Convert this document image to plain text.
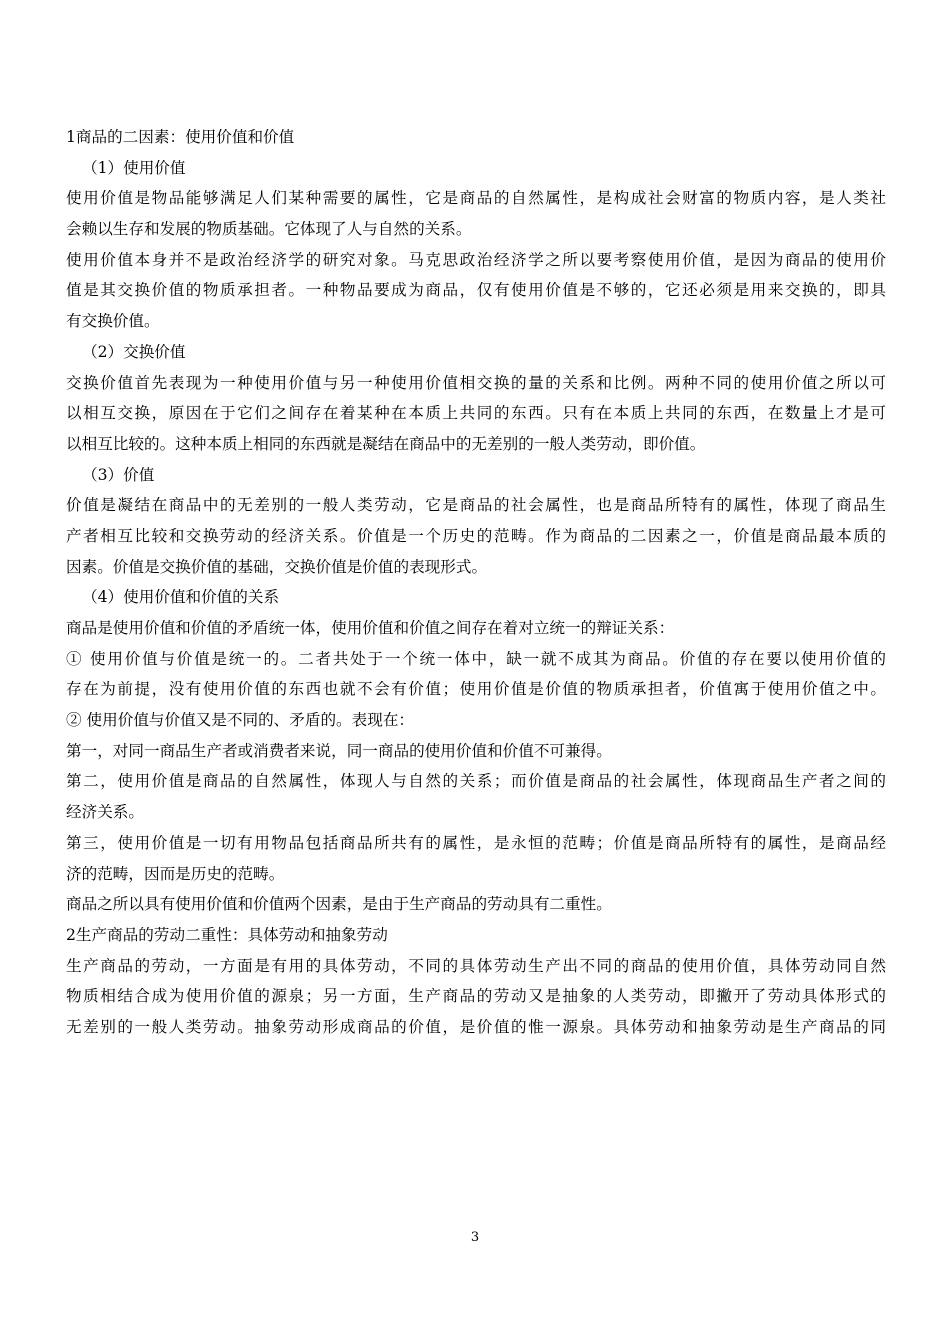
1商品的二因素：使用价值和价值
（1）使用价值
使用价值是物品能够满足人们某种需要的属性，它是商品的自然属性，是构成社会财富的物质内容，是人类社
会赖以生存和发展的物质基础。它体现了人与自然的关系。
使用价值本身并不是政治经济学的研究对象。马克思政治经济学之所以要考察使用价值，是因为商品的使用价
值是其交换价值的物质承担者。一种物品要成为商品，仅有使用价值是不够的，它还必须是用来交换的，即具
有交换价值。
（2）交换价值
交换价值首先表现为一种使用价值与另一种使用价值相交换的量的关系和比例。两种不同的使用价值之所以可
以相互交换，原因在于它们之间存在着某种在本质上共同的东西。只有在本质上共同的东西，在数量上才是可
以相互比较的。这种本质上相同的东西就是凝结在商品中的无差别的一般人类劳动，即价值。
（3）价值
价值是凝结在商品中的无差别的一般人类劳动，它是商品的社会属性，也是商品所特有的属性，体现了商品生
产者相互比较和交换劳动的经济关系。价值是一个历史的范畴。作为商品的二因素之一，价值是商品最本质的
因素。价值是交换价值的基础，交换价值是价值的表现形式。
（4）使用价值和价值的关系
商品是使用价值和价值的矛盾统一体，使用价值和价值之间存在着对立统一的辩证关系：
① 使用价值与价值是统一的。二者共处于一个统一体中，缺一就不成其为商品。价值的存在要以使用价值的
存在为前提，没有使用价值的东西也就不会有价值；使用价值是价值的物质承担者，价值寓于使用价值之中。
② 使用价值与价值又是不同的、矛盾的。表现在：
第一，对同一商品生产者或消费者来说，同一商品的使用价值和价值不可兼得。
第二，使用价值是商品的自然属性，体现人与自然的关系；而价值是商品的社会属性，体现商品生产者之间的
经济关系。
第三，使用价值是一切有用物品包括商品所共有的属性，是永恒的范畴；价值是商品所特有的属性，是商品经
济的范畴，因而是历史的范畴。
商品之所以具有使用价值和价值两个因素，是由于生产商品的劳动具有二重性。
2生产商品的劳动二重性：具体劳动和抽象劳动
生产商品的劳动，一方面是有用的具体劳动，不同的具体劳动生产出不同的商品的使用价值，具体劳动同自然
物质相结合成为使用价值的源泉；另一方面，生产商品的劳动又是抽象的人类劳动，即撇开了劳动具体形式的
无差别的一般人类劳动。抽象劳动形成商品的价值，是价值的惟一源泉。具体劳动和抽象劳动是生产商品的同
3
